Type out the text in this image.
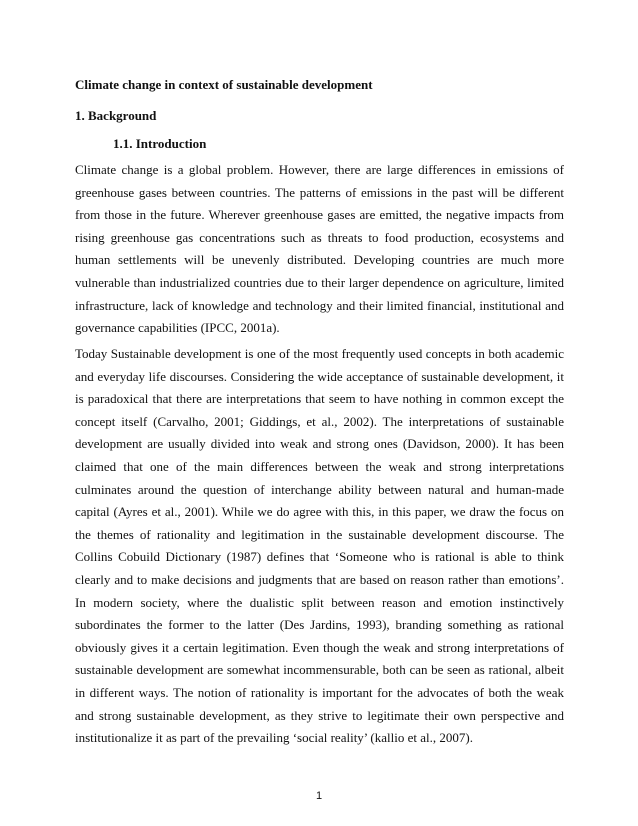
Climate change in context of sustainable development
1. Background
1.1. Introduction

Climate change is a global problem. However, there are large differences in emissions of greenhouse gases between countries. The patterns of emissions in the past will be different from those in the future. Wherever greenhouse gases are emitted, the negative impacts from rising greenhouse gas concentrations such as threats to food production, ecosystems and human settlements will be unevenly distributed. Developing countries are much more vulnerable than industrialized countries due to their larger dependence on agriculture, limited infrastructure, lack of knowledge and technology and their limited financial, institutional and governance capabilities (IPCC, 2001a).

Today Sustainable development is one of the most frequently used concepts in both academic and everyday life discourses. Considering the wide acceptance of sustainable development, it is paradoxical that there are interpretations that seem to have nothing in common except the concept itself (Carvalho, 2001; Giddings, et al., 2002). The interpretations of sustainable development are usually divided into weak and strong ones (Davidson, 2000). It has been claimed that one of the main differences between the weak and strong interpretations culminates around the question of interchange ability between natural and human-made capital (Ayres et al., 2001). While we do agree with this, in this paper, we draw the focus on the themes of rationality and legitimation in the sustainable development discourse. The Collins Cobuild Dictionary (1987) defines that ‘Someone who is rational is able to think clearly and to make decisions and judgments that are based on reason rather than emotions’. In modern society, where the dualistic split between reason and emotion instinctively subordinates the former to the latter (Des Jardins, 1993), branding something as rational obviously gives it a certain legitimation. Even though the weak and strong interpretations of sustainable development are somewhat incommensurable, both can be seen as rational, albeit in different ways. The notion of rationality is important for the advocates of both the weak and strong sustainable development, as they strive to legitimate their own perspective and institutionalize it as part of the prevailing ‘social reality’ (kallio et al., 2007).

1
